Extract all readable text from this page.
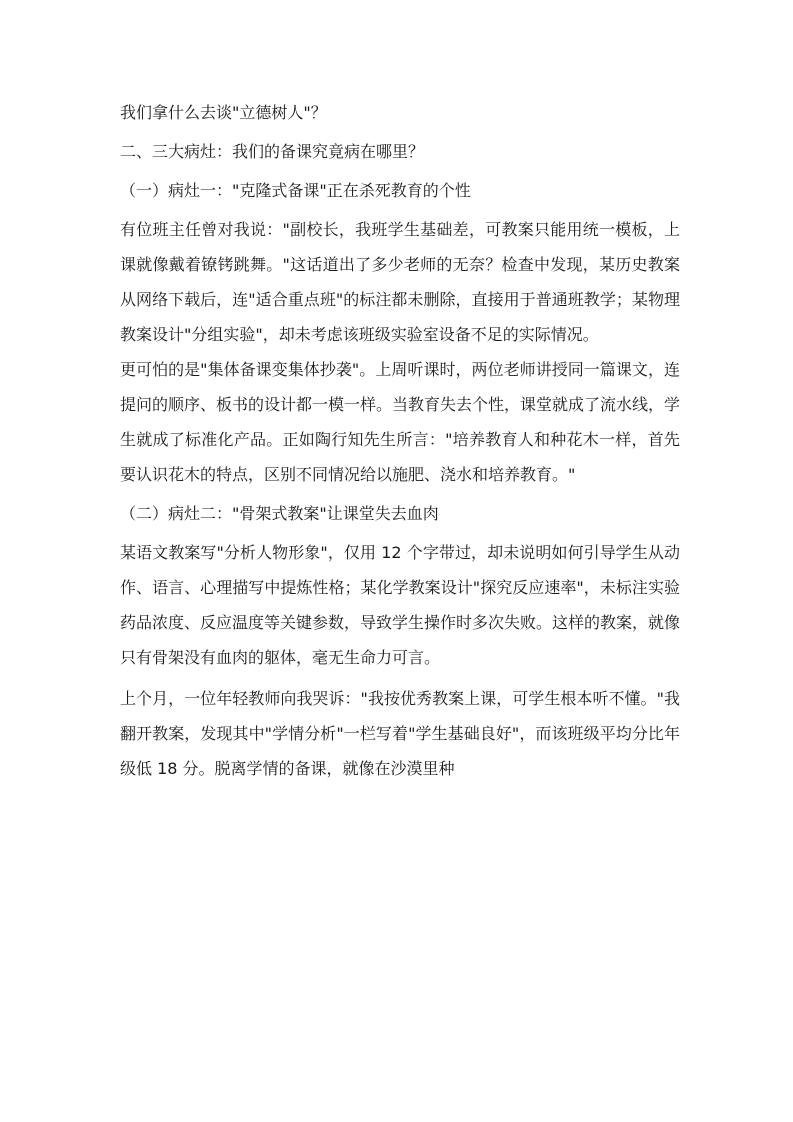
我们拿什么去谈"立德树人"？

二、三大病灶：我们的备课究竟病在哪里？

（一）病灶一："克隆式备课"正在杀死教育的个性

有位班主任曾对我说："副校长，我班学生基础差，可教案只能用统一模板，上课就像戴着镣铐跳舞。"这话道出了多少老师的无奈？检查中发现，某历史教案从网络下载后，连"适合重点班"的标注都未删除，直接用于普通班教学；某物理教案设计"分组实验"，却未考虑该班级实验室设备不足的实际情况。

更可怕的是"集体备课变集体抄袭"。上周听课时，两位老师讲授同一篇课文，连提问的顺序、板书的设计都一模一样。当教育失去个性，课堂就成了流水线，学生就成了标准化产品。正如陶行知先生所言："培养教育人和种花木一样，首先要认识花木的特点，区别不同情况给以施肥、浇水和培养教育。"

（二）病灶二："骨架式教案"让课堂失去血肉

某语文教案写"分析人物形象"，仅用 12 个字带过，却未说明如何引导学生从动作、语言、心理描写中提炼性格；某化学教案设计"探究反应速率"，未标注实验药品浓度、反应温度等关键参数，导致学生操作时多次失败。这样的教案，就像只有骨架没有血肉的躯体，毫无生命力可言。

上个月，一位年轻教师向我哭诉："我按优秀教案上课，可学生根本听不懂。"我翻开教案，发现其中"学情分析"一栏写着"学生基础良好"，而该班级平均分比年级低 18 分。脱离学情的备课，就像在沙漠里种
